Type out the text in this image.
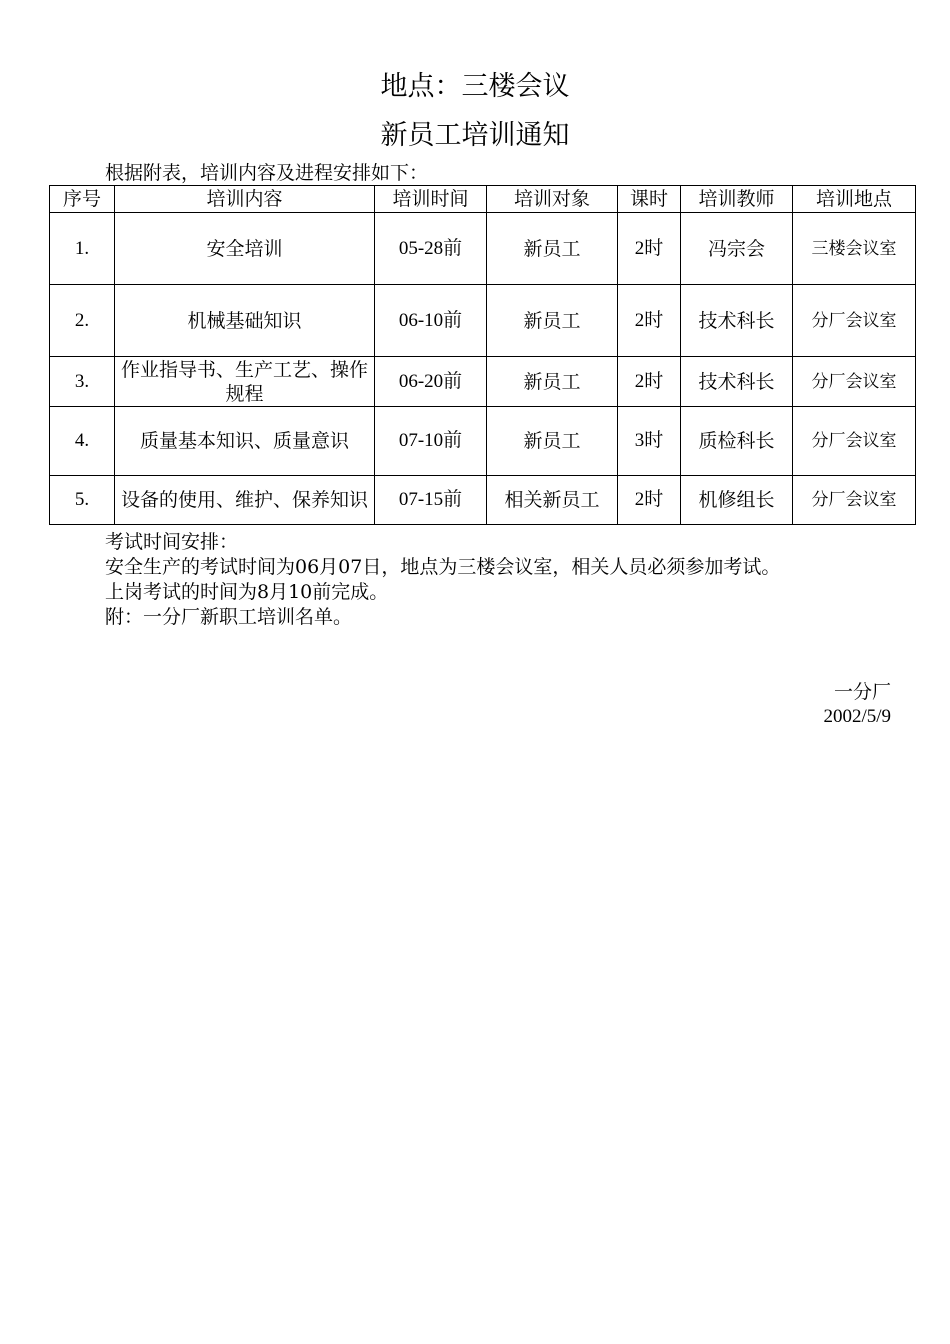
地点：三楼会议
新员工培训通知
根据附表，培训内容及进程安排如下：
序号	培训内容	培训时间	培训对象	课时	培训教师	培训地点
1.	安全培训	05-28前	新员工	2时	冯宗会	三楼会议室
2.	机械基础知识	06-10前	新员工	2时	技术科长	分厂会议室
3.	作业指导书、生产工艺、操作规程	06-20前	新员工	2时	技术科长	分厂会议室
4.	质量基本知识、质量意识	07-10前	新员工	3时	质检科长	分厂会议室
5.	设备的使用、维护、保养知识	07-15前	相关新员工	2时	机修组长	分厂会议室
考试时间安排：
安全生产的考试时间为06月07日，地点为三楼会议室，相关人员必须参加考试。
上岗考试的时间为8月10前完成。
附：一分厂新职工培训名单。
一分厂
2002/5/9
